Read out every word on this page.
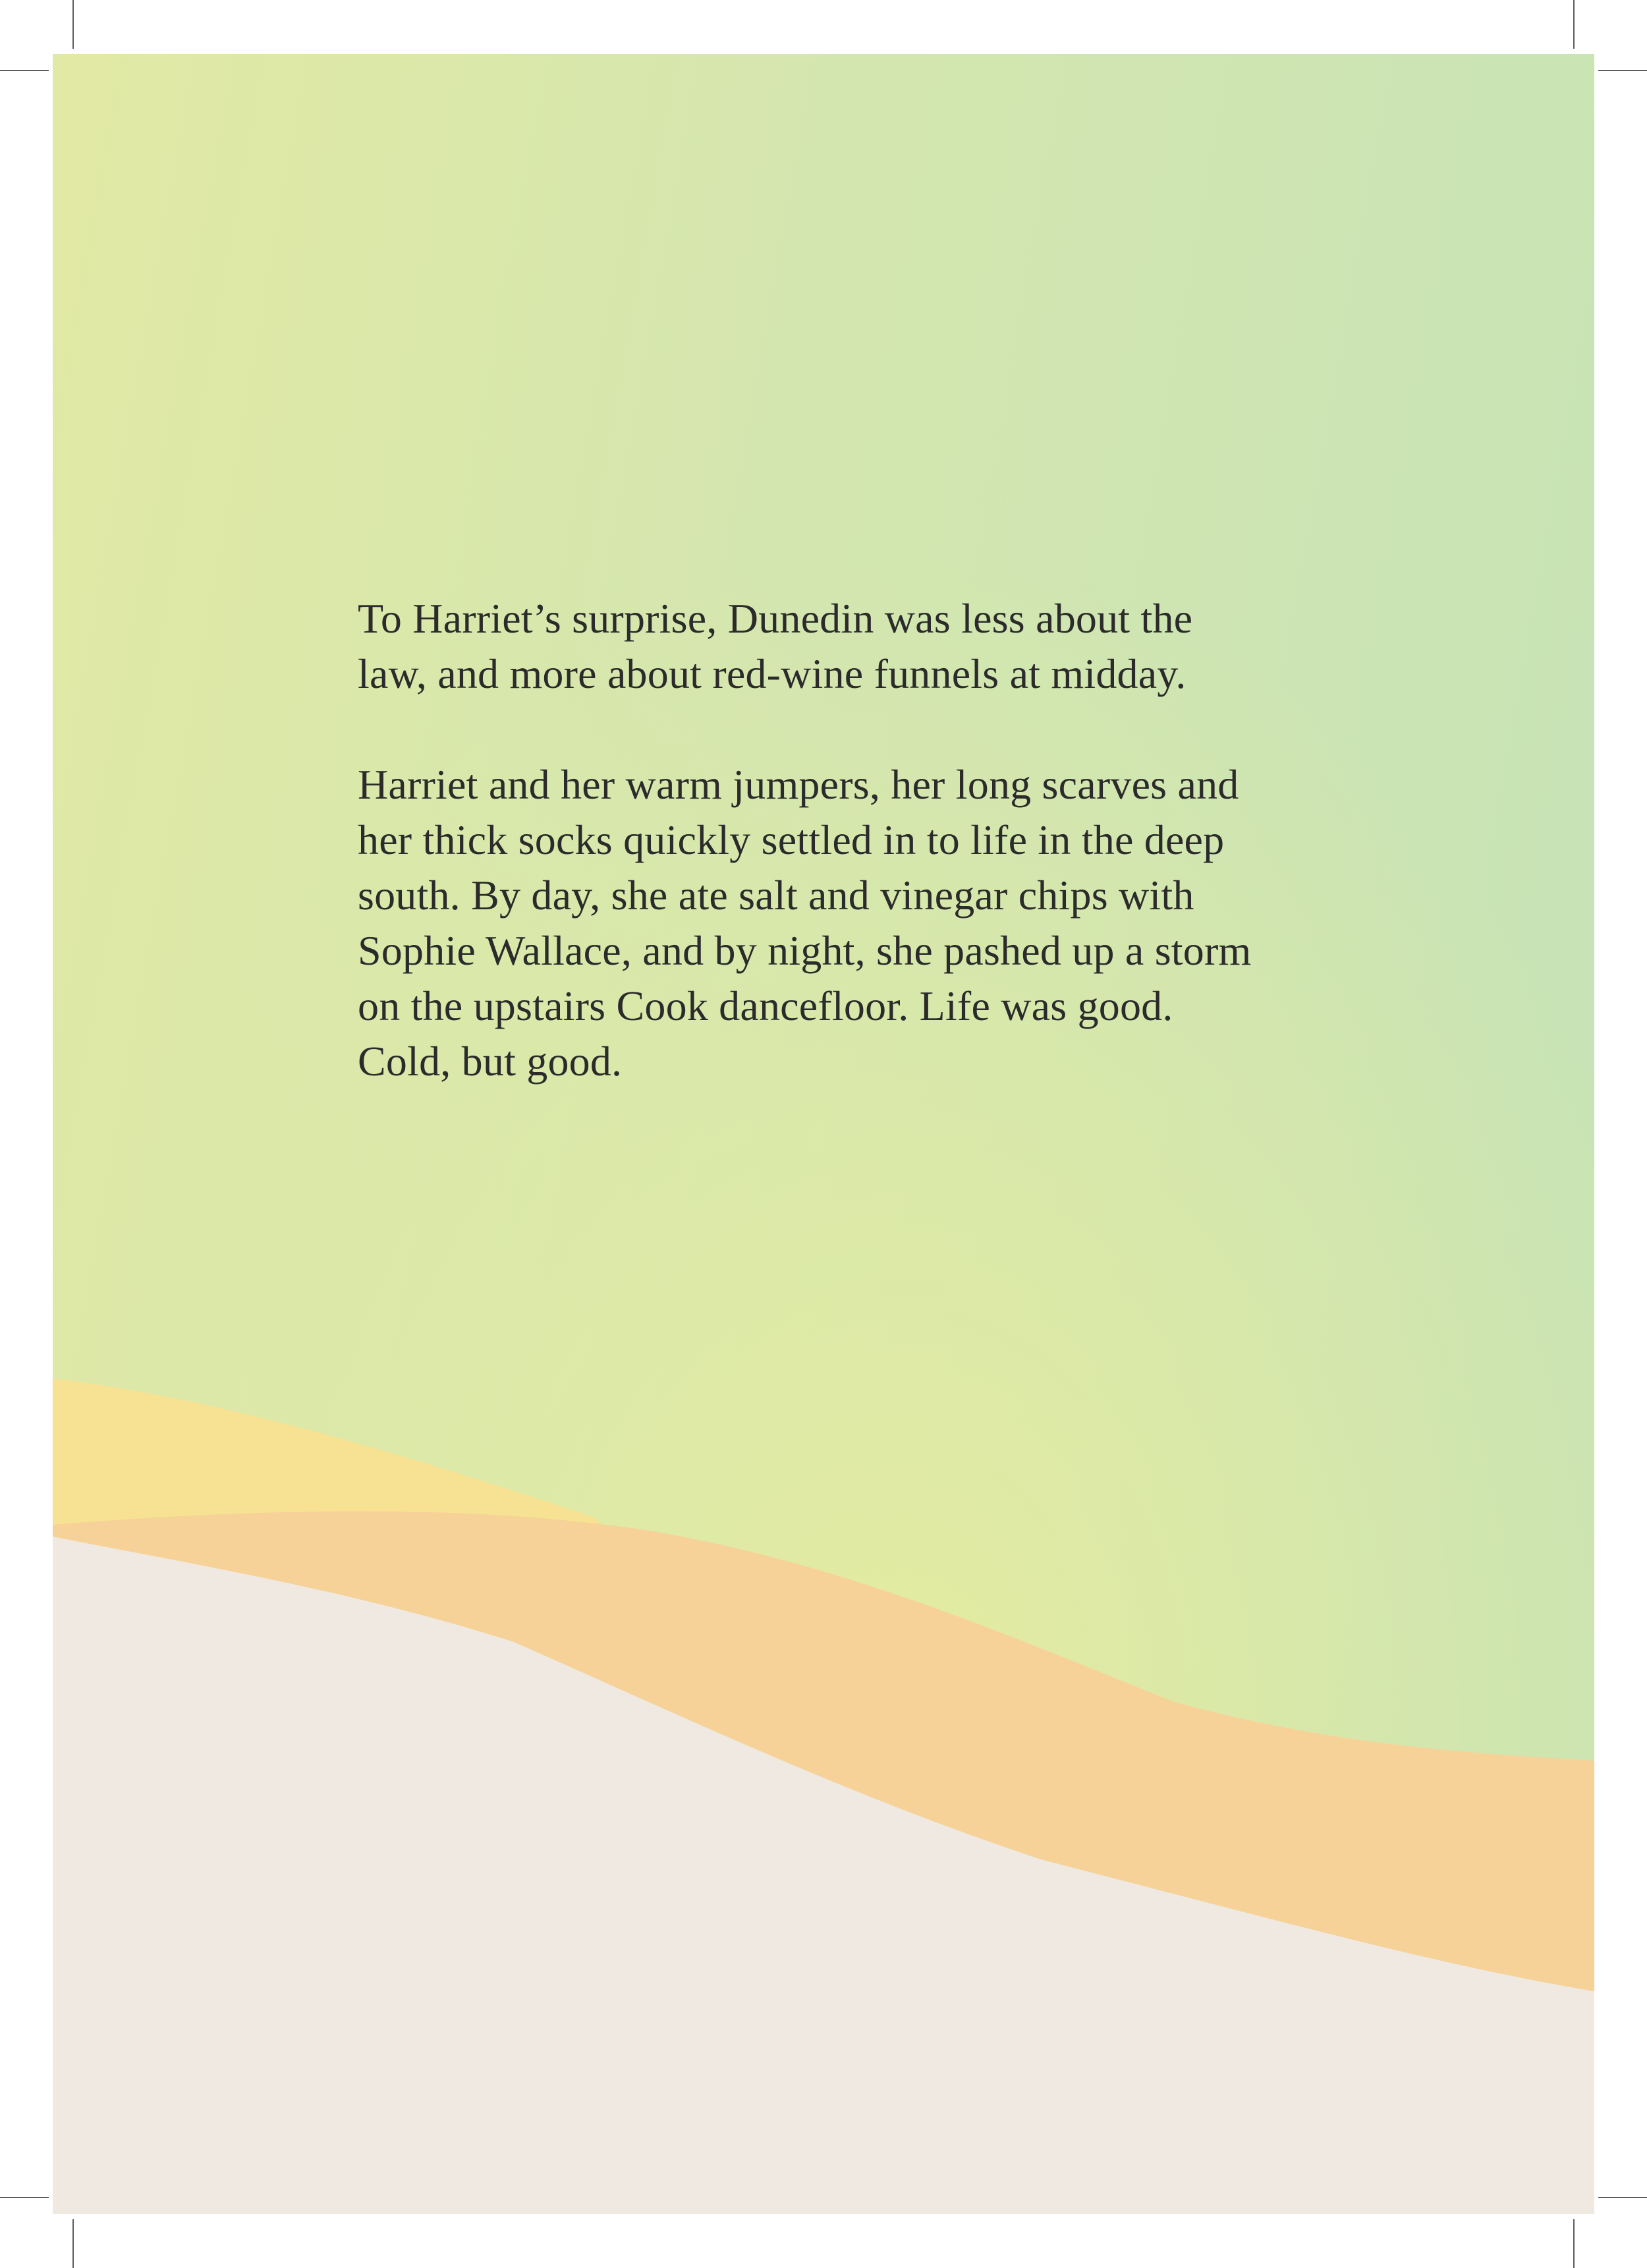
To Harriet’s surprise, Dunedin was less about the
law, and more about red-wine funnels at midday.

Harriet and her warm jumpers, her long scarves and
her thick socks quickly settled in to life in the deep
south. By day, she ate salt and vinegar chips with
Sophie Wallace, and by night, she pashed up a storm
on the upstairs Cook dancefloor. Life was good.
Cold, but good.
